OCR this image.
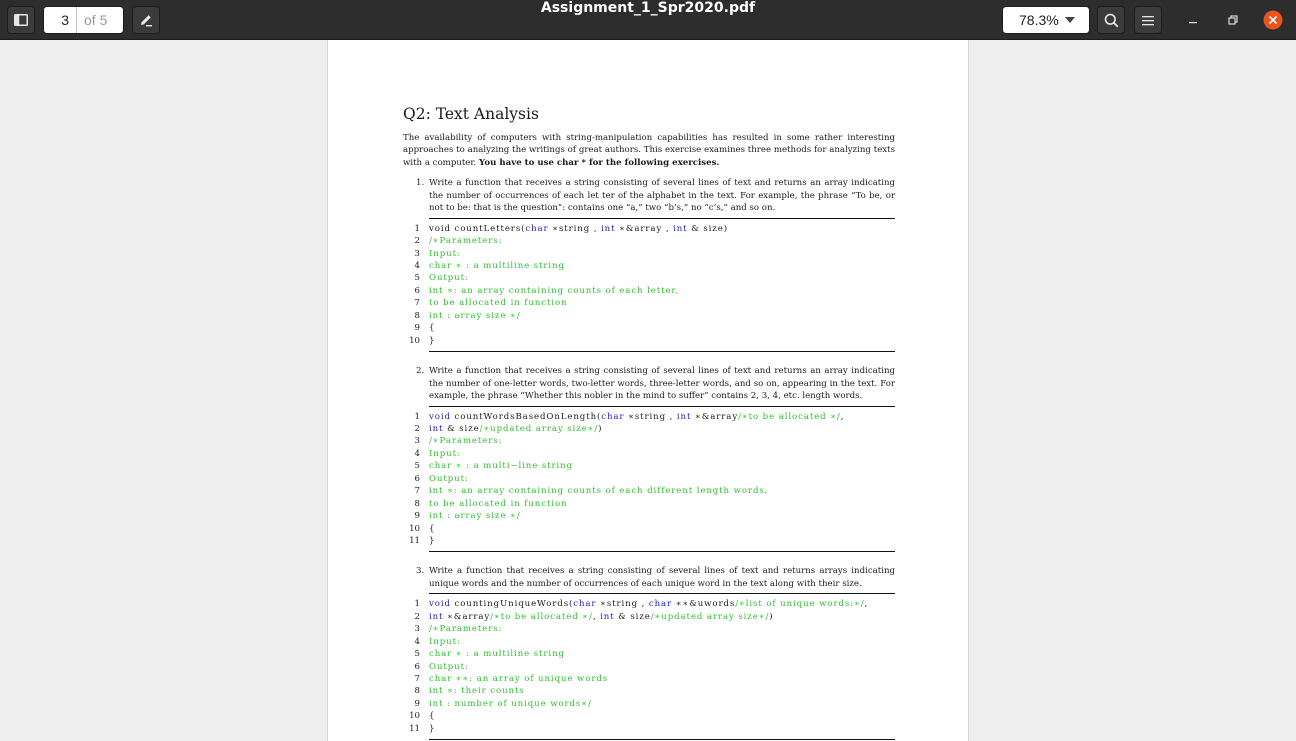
3
of 5
Assignment_1_Spr2020.pdf
78.3%
Q2: Text Analysis
The availability of computers with string-manipulation capabilities has resulted in some rather interesting approaches to analyzing the writings of great authors. This exercise examines three methods for analyzing texts with a computer. You have to use char * for the following exercises.
1. Write a function that receives a string consisting of several lines of text and returns an array indicating the number of occurrences of each let ter of the alphabet in the text. For example, the phrase “To be, or not to be: that is the question”: contains one “a,” two “b’s,” no “c’s,” and so on.
1 void countLetters(char ∗string , int ∗&array , int & size)
2 /∗Parameters:
3 Input:
4 char ∗ : a multiline string
5 Output:
6 int ∗: an array containing counts of each letter,
7 to be allocated in function
8 int : array size ∗/
9 {
10 }
2. Write a function that receives a string consisting of several lines of text and returns an array indicating the number of one-letter words, two-letter words, three-letter words, and so on, appearing in the text. For example, the phrase “Whether this nobler in the mind to suffer” contains 2, 3, 4, etc. length words.
1 void countWordsBasedOnLength(char ∗string , int ∗&array/∗to be allocated ∗/,
2 int & size/∗updated array size∗/)
3 /∗Parameters:
4 Input:
5 char ∗ : a multi−line string
6 Output:
7 int ∗: an array containing counts of each different length words,
8 to be allocated in function
9 int : array size ∗/
10 {
11 }
3. Write a function that receives a string consisting of several lines of text and returns arrays indicating unique words and the number of occurrences of each unique word in the text along with their size.
1 void countingUniqueWords(char ∗string , char ∗∗&uwords/∗list of unique words:∗/,
2 int ∗&array/∗to be allocated ∗/, int & size/∗updated array size∗/)
3 /∗Parameters:
4 Input:
5 char ∗ : a multiline string
6 Output:
7 char ∗∗: an array of unique words
8 int ∗: their counts
9 int : number of unique words∗/
10 {
11 }
